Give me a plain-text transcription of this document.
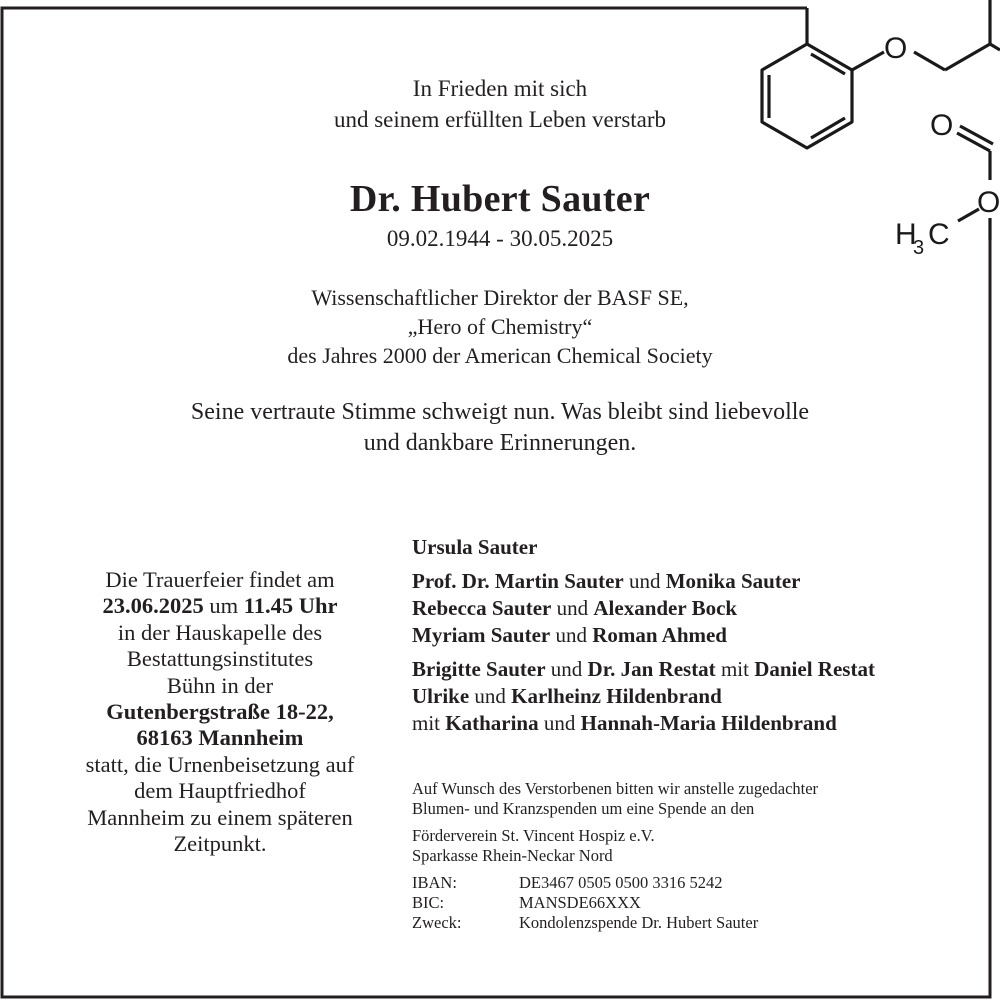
O
O
O
H
3 C
In Frieden mit sich
und seinem erfüllten Leben verstarb
Dr. Hubert Sauter
09.02.1944 - 30.05.2025
Wissenschaftlicher Direktor der BASF SE,
„Hero of Chemistry“
des Jahres 2000 der American Chemical Society
Seine vertraute Stimme schweigt nun. Was bleibt sind liebevolle
und dankbare Erinnerungen.
Die Trauerfeier findet am
23.06.2025 um 11.45 Uhr
in der Hauskapelle des
Bestattungsinstitutes
Bühn in der
Gutenbergstraße 18-22,
68163 Mannheim
statt, die Urnenbeisetzung auf
dem Hauptfriedhof
Mannheim zu einem späteren
Zeitpunkt.
Ursula Sauter
Prof. Dr. Martin Sauter und Monika Sauter
Rebecca Sauter und Alexander Bock
Myriam Sauter und Roman Ahmed
Brigitte Sauter und Dr. Jan Restat mit Daniel Restat
Ulrike und Karlheinz Hildenbrand
mit Katharina und Hannah-Maria Hildenbrand
Auf Wunsch des Verstorbenen bitten wir anstelle zugedachter
Blumen- und Kranzspenden um eine Spende an den
Förderverein St. Vincent Hospiz e.V.
Sparkasse Rhein-Neckar Nord
IBAN:	DE3467 0505 0500 3316 5242
BIC:	MANSDE66XXX
Zweck:	Kondolenzspende Dr. Hubert Sauter
